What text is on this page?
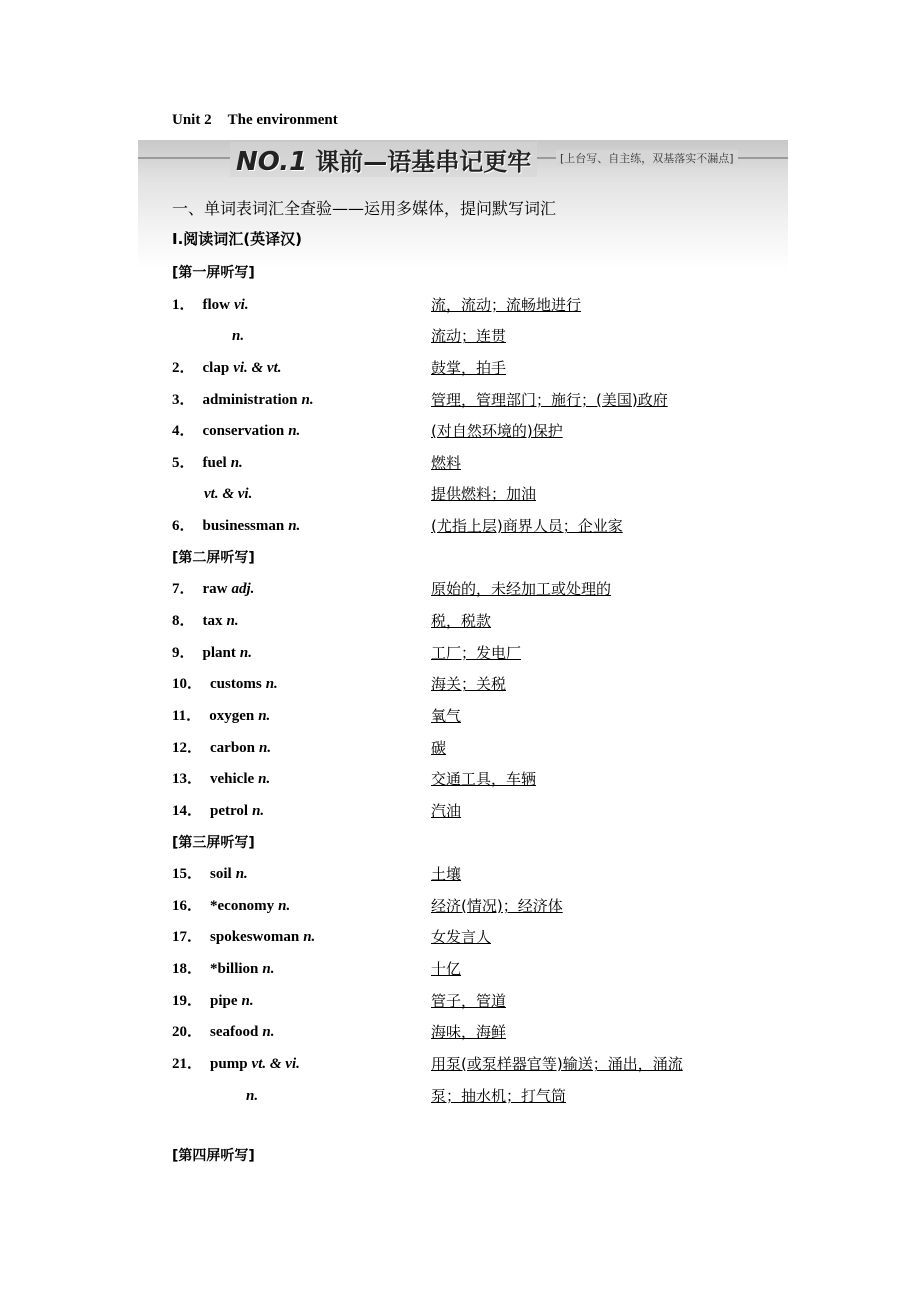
Unit 2 The environment
NO.1 课前—语基串记更牢	[上台写、自主练，双基落实不漏点]
一、单词表词汇全查验——运用多媒体，提问默写词汇
Ⅰ.阅读词汇(英译汉)
[第一屏听写]
1． flow vi.	流，流动；流畅地进行
n.	流动；连贯
2． clap vi. & vt.	鼓掌，拍手
3． administration n.	管理，管理部门；施行；(美国)政府
4． conservation n.	(对自然环境的)保护
5． fuel n.	燃料
vt. & vi.	提供燃料；加油
6． businessman n.	(尤指上层)商界人员；企业家
[第二屏听写]
7． raw adj.	原始的，未经加工或处理的
8． tax n.	税，税款
9． plant n.	工厂；发电厂
10． customs n.	海关；关税
11． oxygen n.	氧气
12． carbon n.	碳
13． vehicle n.	交通工具，车辆
14． petrol n.	汽油
[第三屏听写]
15． soil n.	土壤
16． *economy n.	经济(情况)；经济体
17． spokeswoman n.	女发言人
18． *billion n.	十亿
19． pipe n.	管子，管道
20． seafood n.	海味，海鲜
21． pump vt. & vi.	用泵(或泵样器官等)输送；涌出，涌流
n.	泵；抽水机；打气筒
[第四屏听写]
